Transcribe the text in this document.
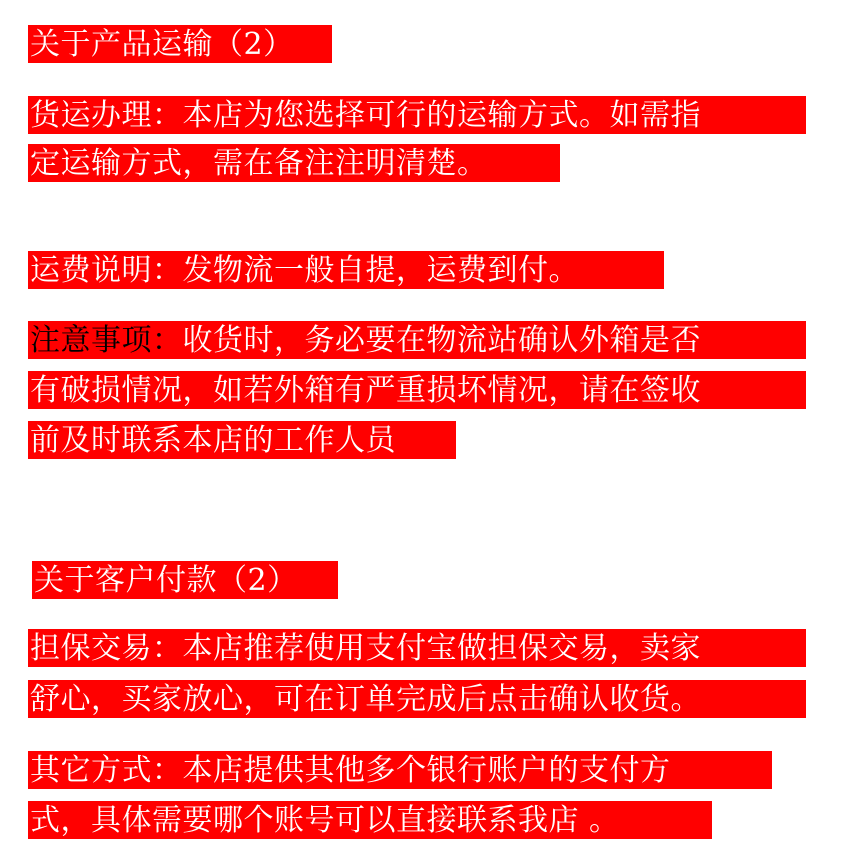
关于产品运输（2）
货运办理：本店为您选择可行的运输方式。如需指
定运输方式，需在备注注明清楚。
运费说明：发物流一般自提，运费到付。
注意事项：收货时，务必要在物流站确认外箱是否
有破损情况，如若外箱有严重损坏情况，请在签收
前及时联系本店的工作人员
关于客户付款（2）
担保交易：本店推荐使用支付宝做担保交易，卖家
舒心，买家放心，可在订单完成后点击确认收货。
其它方式：本店提供其他多个银行账户的支付方
式，具体需要哪个账号可以直接联系我店 。
